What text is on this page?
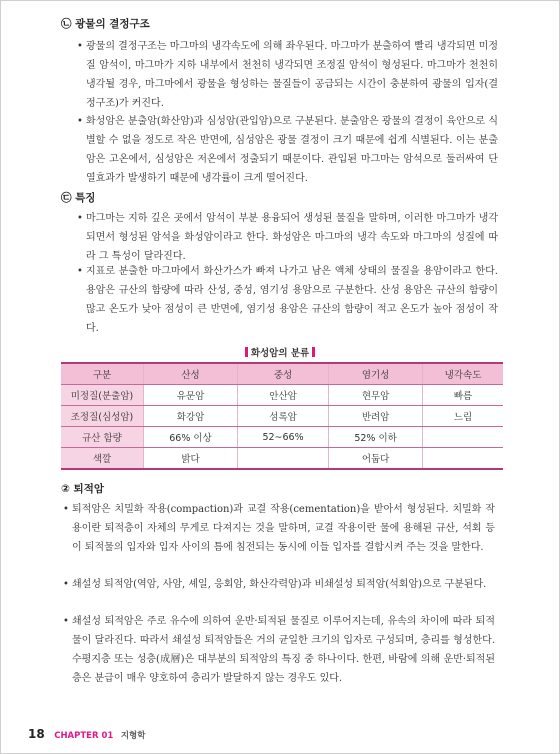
㉡ 광물의 결정구조
• 광물의 결정구조는 마그마의 냉각속도에 의해 좌우된다. 마그마가 분출하여 빨리 냉각되면 미정질 암석이, 마그마가 지하 내부에서 천천히 냉각되면 조정질 암석이 형성된다. 마그마가 천천히 냉각될 경우, 마그마에서 광물을 형성하는 물질들이 공급되는 시간이 충분하여 광물의 입자(결정구조)가 커진다.
• 화성암은 분출암(화산암)과 심성암(관입암)으로 구분된다. 분출암은 광물의 결정이 육안으로 식별할 수 없을 정도로 작은 반면에, 심성암은 광물 결정이 크기 때문에 쉽게 식별된다. 이는 분출암은 고온에서, 심성암은 저온에서 정출되기 때문이다. 관입된 마그마는 암석으로 둘러싸여 단열효과가 발생하기 때문에 냉각률이 크게 떨어진다.
㉢ 특징
• 마그마는 지하 깊은 곳에서 암석이 부분 용융되어 생성된 물질을 말하며, 이러한 마그마가 냉각되면서 형성된 암석을 화성암이라고 한다. 화성암은 마그마의 냉각 속도와 마그마의 성질에 따라 그 특성이 달라진다.
• 지표로 분출한 마그마에서 화산가스가 빠져 나가고 남은 액체 상태의 물질을 용암이라고 한다. 용암은 규산의 함량에 따라 산성, 중성, 염기성 용암으로 구분한다. 산성 용암은 규산의 함량이 많고 온도가 낮아 점성이 큰 반면에, 염기성 용암은 규산의 함량이 적고 온도가 높아 점성이 작다.
화성암의 분류
구분	산성	중성	염기성	냉각속도
미정질(분출암)	유문암	안산암	현무암	빠름
조정질(심성암)	화강암	섬록암	반려암	느림
규산 함량	66% 이상	52∼66%	52% 이하	
색깔	밝다		어둡다	
② 퇴적암
• 퇴적암은 치밀화 작용(compaction)과 교결 작용(cementation)을 받아서 형성된다. 치밀화 작용이란 퇴적층이 자체의 무게로 다져지는 것을 말하며, 교결 작용이란 물에 용해된 규산, 석회 등이 퇴적물의 입자와 입자 사이의 틈에 침전되는 동시에 이들 입자를 결합시켜 주는 것을 말한다.
• 쇄설성 퇴적암(역암, 사암, 셰일, 응회암, 화산각력암)과 비쇄설성 퇴적암(석회암)으로 구분된다.
• 쇄설성 퇴적암은 주로 유수에 의하여 운반·퇴적된 물질로 이루어지는데, 유속의 차이에 따라 퇴적물이 달라진다. 따라서 쇄설성 퇴적암들은 거의 균일한 크기의 입자로 구성되며, 층리를 형성한다. 수평지층 또는 성층(成層)은 대부분의 퇴적암의 특징 중 하나이다. 한편, 바람에 의해 운반·퇴적된 층은 분급이 매우 양호하여 층리가 발달하지 않는 경우도 있다.
18 CHAPTER 01 지형학
